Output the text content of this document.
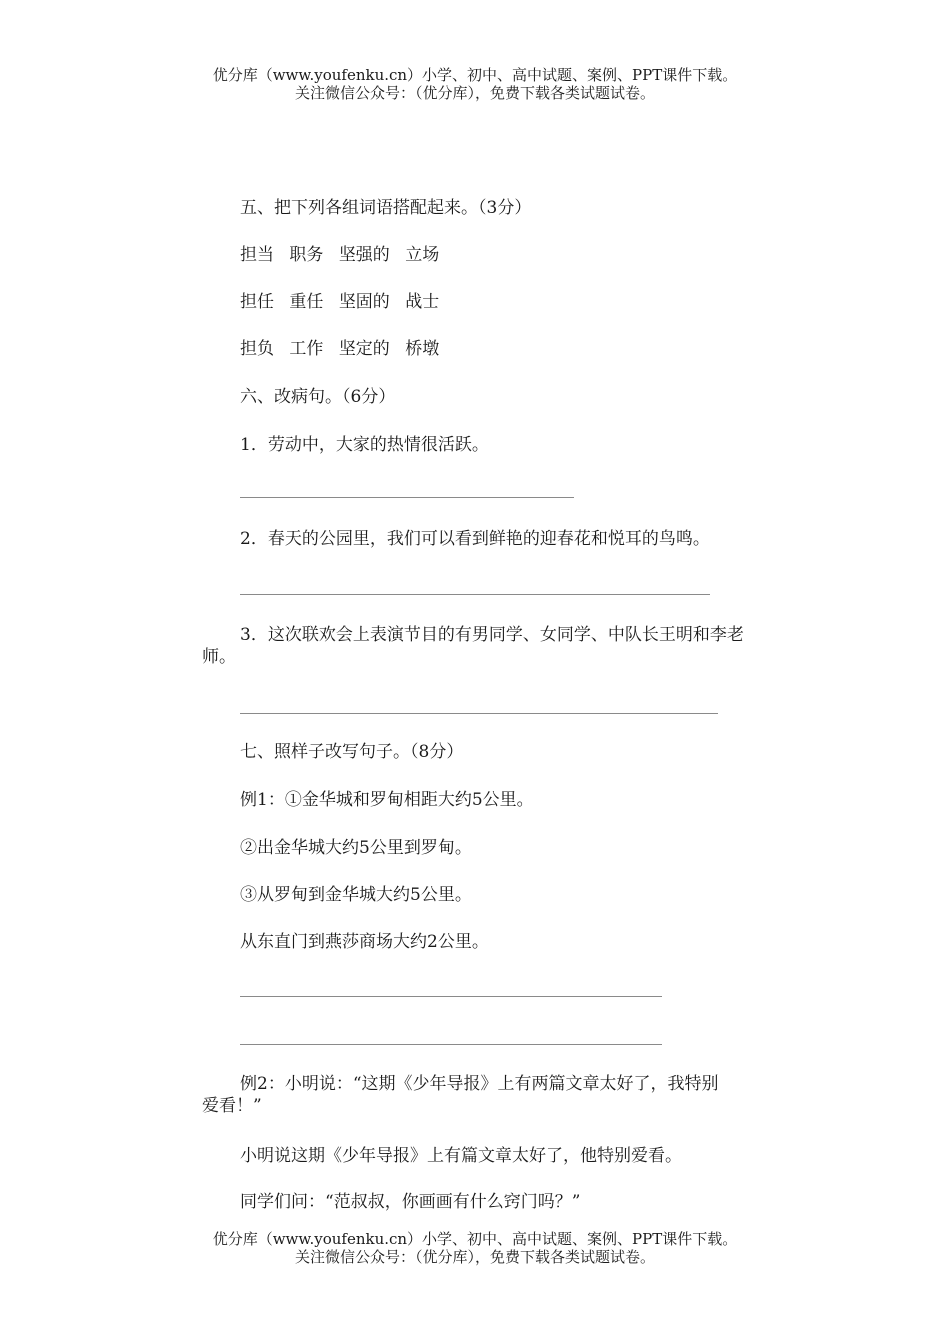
优分库（www.youfenku.cn）小学、初中、高中试题、案例、PPT课件下载。
关注微信公众号：（优分库），免费下载各类试题试卷。
五、把下列各组词语搭配起来。（3分）
担当 职务 坚强的 立场
担任 重任 坚固的 战士
担负 工作 坚定的 桥墩
六、改病句。（6分）
1．劳动中，大家的热情很活跃。
2．春天的公园里，我们可以看到鲜艳的迎春花和悦耳的鸟鸣。
3．这次联欢会上表演节目的有男同学、女同学、中队长王明和李老
师。
七、照样子改写句子。（8分）
例1：①金华城和罗甸相距大约5公里。
②出金华城大约5公里到罗甸。
③从罗甸到金华城大约5公里。
从东直门到燕莎商场大约2公里。
例2：小明说：“这期《少年导报》上有两篇文章太好了，我特别
爱看！”
小明说这期《少年导报》上有篇文章太好了，他特别爱看。
同学们问：“范叔叔，你画画有什么窍门吗？”
优分库（www.youfenku.cn）小学、初中、高中试题、案例、PPT课件下载。
关注微信公众号：（优分库），免费下载各类试题试卷。
